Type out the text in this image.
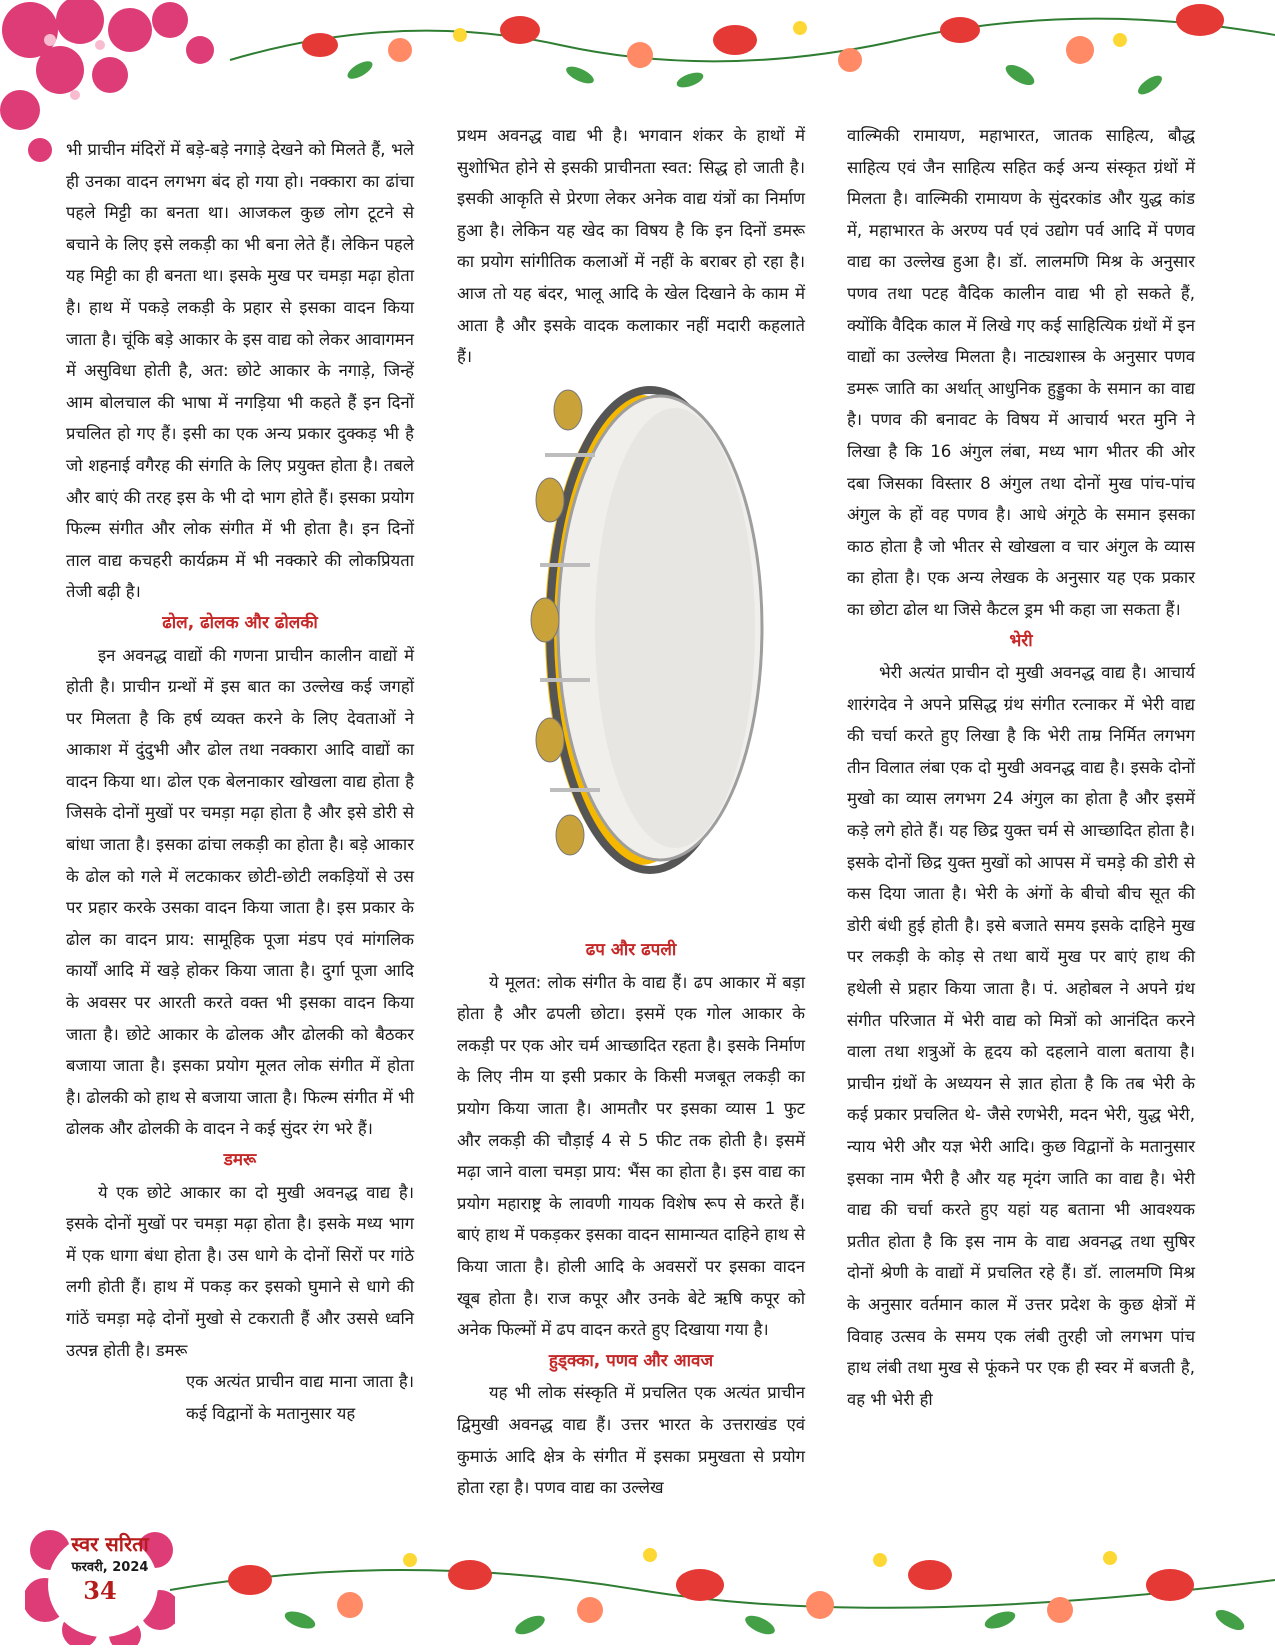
भी प्राचीन मंदिरों में बड़े-बड़े नगाड़े देखने को मिलते हैं, भले ही उनका वादन लगभग बंद हो गया हो। नक्कारा का ढांचा पहले मिट्टी का बनता था। आजकल कुछ लोग टूटने से बचाने के लिए इसे लकड़ी का भी बना लेते हैं। लेकिन पहले यह मिट्टी का ही बनता था। इसके मुख पर चमड़ा मढ़ा होता है। हाथ में पकड़े लकड़ी के प्रहार से इसका वादन किया जाता है। चूंकि बड़े आकार के इस वाद्य को लेकर आवागमन में असुविधा होती है, अत: छोटे आकार के नगाड़े, जिन्हें आम बोलचाल की भाषा में नगड़िया भी कहते हैं इन दिनों प्रचलित हो गए हैं। इसी का एक अन्य प्रकार दुक्कड़ भी है जो शहनाई वगैरह की संगति के लिए प्रयुक्त होता है। तबले और बाएं की तरह इस के भी दो भाग होते हैं। इसका प्रयोग फिल्म संगीत और लोक संगीत में भी होता है। इन दिनों ताल वाद्य कचहरी कार्यक्रम में भी नक्कारे की लोकप्रियता तेजी बढ़ी है।

ढोल, ढोलक और ढोलकी

इन अवनद्ध वाद्यों की गणना प्राचीन कालीन वाद्यों में होती है। प्राचीन ग्रन्थों में इस बात का उल्लेख कई जगहों पर मिलता है कि हर्ष व्यक्त करने के लिए देवताओं ने आकाश में दुंदुभी और ढोल तथा नक्कारा आदि वाद्यों का वादन किया था। ढोल एक बेलनाकार खोखला वाद्य होता है जिसके दोनों मुखों पर चमड़ा मढ़ा होता है और इसे डोरी से बांधा जाता है। इसका ढांचा लकड़ी का होता है। बड़े आकार के ढोल को गले में लटकाकर छोटी-छोटी लकड़ियों से उस पर प्रहार करके उसका वादन किया जाता है। इस प्रकार के ढोल का वादन प्राय: सामूहिक पूजा मंडप एवं मांगलिक कार्यों आदि में खड़े होकर किया जाता है। दुर्गा पूजा आदि के अवसर पर आरती करते वक्त भी इसका वादन किया जाता है। छोटे आकार के ढोलक और ढोलकी को बैठकर बजाया जाता है। इसका प्रयोग मूलत लोक संगीत में होता है। ढोलकी को हाथ से बजाया जाता है। फिल्म संगीत में भी ढोलक और ढोलकी के वादन ने कई सुंदर रंग भरे हैं।

डमरू

ये एक छोटे आकार का दो मुखी अवनद्ध वाद्य है। इसके दोनों मुखों पर चमड़ा मढ़ा होता है। इसके मध्य भाग में एक धागा बंधा होता है। उस धागे के दोनों सिरों पर गांठे लगी होती हैं। हाथ में पकड़ कर इसको घुमाने से धागे की गांठें चमड़ा मढ़े दोनों मुखो से टकराती हैं और उससे ध्वनि उत्पन्न होती है। डमरू

एक अत्यंत प्राचीन वाद्य माना जाता है। कई विद्वानों के मतानुसार यह

प्रथम अवनद्ध वाद्य भी है। भगवान शंकर के हाथों में सुशोभित होने से इसकी प्राचीनता स्वत: सिद्ध हो जाती है। इसकी आकृति से प्रेरणा लेकर अनेक वाद्य यंत्रों का निर्माण हुआ है। लेकिन यह खेद का विषय है कि इन दिनों डमरू का प्रयोग सांगीतिक कलाओं में नहीं के बराबर हो रहा है। आज तो यह बंदर, भालू आदि के खेल दिखाने के काम में आता है और इसके वादक कलाकार नहीं मदारी कहलाते हैं।

ढप और ढपली

ये मूलत: लोक संगीत के वाद्य हैं। ढप आकार में बड़ा होता है और ढपली छोटा। इसमें एक गोल आकार के लकड़ी पर एक ओर चर्म आच्छादित रहता है। इसके निर्माण के लिए नीम या इसी प्रकार के किसी मजबूत लकड़ी का प्रयोग किया जाता है। आमतौर पर इसका व्यास 1 फुट और लकड़ी की चौड़ाई 4 से 5 फीट तक होती है। इसमें मढ़ा जाने वाला चमड़ा प्राय: भैंस का होता है। इस वाद्य का प्रयोग महाराष्ट्र के लावणी गायक विशेष रूप से करते हैं। बाएं हाथ में पकड़कर इसका वादन सामान्यत दाहिने हाथ से किया जाता है। होली आदि के अवसरों पर इसका वादन खूब होता है। राज कपूर और उनके बेटे ऋषि कपूर को अनेक फिल्मों में ढप वादन करते हुए दिखाया गया है।

हुड्क्का, पणव और आवज

यह भी लोक संस्कृति में प्रचलित एक अत्यंत प्राचीन द्विमुखी अवनद्ध वाद्य हैं। उत्तर भारत के उत्तराखंड एवं कुमाऊं आदि क्षेत्र के संगीत में इसका प्रमुखता से प्रयोग होता रहा है। पणव वाद्य का उल्लेख

वाल्मिकी रामायण, महाभारत, जातक साहित्य, बौद्ध साहित्य एवं जैन साहित्य सहित कई अन्य संस्कृत ग्रंथों में मिलता है। वाल्मिकी रामायण के सुंदरकांड और युद्ध कांड में, महाभारत के अरण्य पर्व एवं उद्योग पर्व आदि में पणव वाद्य का उल्लेख हुआ है। डॉ. लालमणि मिश्र के अनुसार पणव तथा पटह वैदिक कालीन वाद्य भी हो सकते हैं, क्योंकि वैदिक काल में लिखे गए कई साहित्यिक ग्रंथों में इन वाद्यों का उल्लेख मिलता है। नाट्यशास्त्र के अनुसार पणव डमरू जाति का अर्थात् आधुनिक हुड्डुका के समान का वाद्य है। पणव की बनावट के विषय में आचार्य भरत मुनि ने लिखा है कि 16 अंगुल लंबा, मध्य भाग भीतर की ओर दबा जिसका विस्तार 8 अंगुल तथा दोनों मुख पांच-पांच अंगुल के हों वह पणव है। आधे अंगूठे के समान इसका काठ होता है जो भीतर से खोखला व चार अंगुल के व्यास का होता है। एक अन्य लेखक के अनुसार यह एक प्रकार का छोटा ढोल था जिसे कैटल ड्रम भी कहा जा सकता हैं।

भेरी

भेरी अत्यंत प्राचीन दो मुखी अवनद्ध वाद्य है। आचार्य शारंगदेव ने अपने प्रसिद्ध ग्रंथ संगीत रत्नाकर में भेरी वाद्य की चर्चा करते हुए लिखा है कि भेरी ताम्र निर्मित लगभग तीन विलात लंबा एक दो मुखी अवनद्ध वाद्य है। इसके दोनों मुखो का व्यास लगभग 24 अंगुल का होता है और इसमें कड़े लगे होते हैं। यह छिद्र युक्त चर्म से आच्छादित होता है। इसके दोनों छिद्र युक्त मुखों को आपस में चमड़े की डोरी से कस दिया जाता है। भेरी के अंगों के बीचो बीच सूत की डोरी बंधी हुई होती है। इसे बजाते समय इसके दाहिने मुख पर लकड़ी के कोड़ से तथा बायें मुख पर बाएं हाथ की हथेली से प्रहार किया जाता है। पं. अहोबल ने अपने ग्रंथ संगीत परिजात में भेरी वाद्य को मित्रों को आनंदित करने वाला तथा शत्रुओं के हृदय को दहलाने वाला बताया है। प्राचीन ग्रंथों के अध्ययन से ज्ञात होता है कि तब भेरी के कई प्रकार प्रचलित थे- जैसे रणभेरी, मदन भेरी, युद्ध भेरी, न्याय भेरी और यज्ञ भेरी आदि। कुछ विद्वानों के मतानुसार इसका नाम भैरी है और यह मृदंग जाति का वाद्य है। भेरी वाद्य की चर्चा करते हुए यहां यह बताना भी आवश्यक प्रतीत होता है कि इस नाम के वाद्य अवनद्ध तथा सुषिर दोनों श्रेणी के वाद्यों में प्रचलित रहे हैं। डॉ. लालमणि मिश्र के अनुसार वर्तमान काल में उत्तर प्रदेश के कुछ क्षेत्रों में विवाह उत्सव के समय एक लंबी तुरही जो लगभग पांच हाथ लंबी तथा मुख से फूंकने पर एक ही स्वर में बजती है, वह भी भेरी ही

स्वर सरिता
फरवरी, 2024
34
